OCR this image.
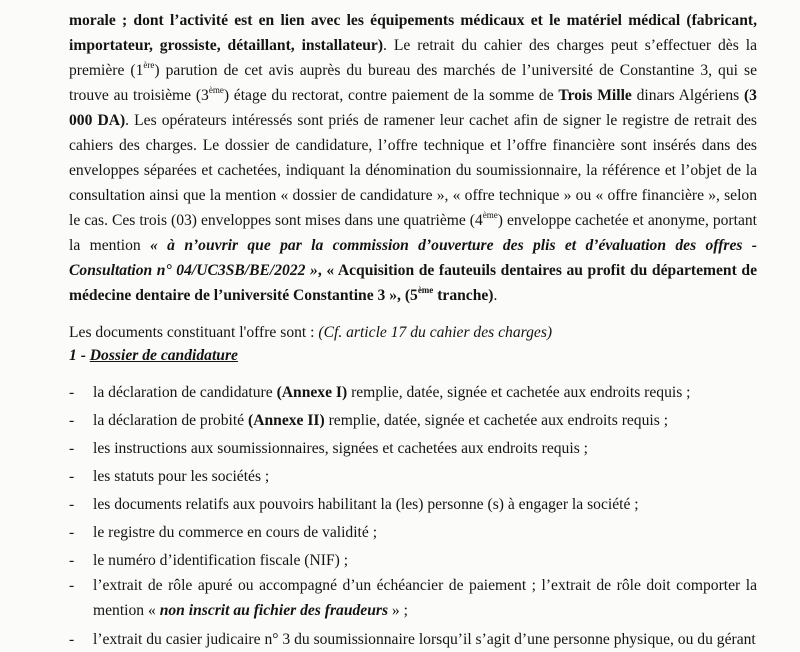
morale ; dont l’activité est en lien avec les équipements médicaux et le matériel médical (fabricant, importateur, grossiste, détaillant, installateur). Le retrait du cahier des charges peut s’effectuer dès la première (1ère) parution de cet avis auprès du bureau des marchés de l’université de Constantine 3, qui se trouve au troisième (3ème) étage du rectorat, contre paiement de la somme de Trois Mille dinars Algériens (3 000 DA). Les opérateurs intéressés sont priés de ramener leur cachet afin de signer le registre de retrait des cahiers des charges. Le dossier de candidature, l’offre technique et l’offre financière sont insérés dans des enveloppes séparées et cachetées, indiquant la dénomination du soumissionnaire, la référence et l’objet de la consultation ainsi que la mention « dossier de candidature », « offre technique » ou « offre financière », selon le cas. Ces trois (03) enveloppes sont mises dans une quatrième (4ème) enveloppe cachetée et anonyme, portant la mention « à n’ouvrir que par la commission d’ouverture des plis et d’évaluation des offres - Consultation n° 04/UC3SB/BE/2022 », « Acquisition de fauteuils dentaires au profit du département de médecine dentaire de l’université Constantine 3 », (5ème tranche).

Les documents constituant l'offre sont : (Cf. article 17 du cahier des charges)

1 - Dossier de candidature

- la déclaration de candidature (Annexe I) remplie, datée, signée et cachetée aux endroits requis ;
- la déclaration de probité (Annexe II) remplie, datée, signée et cachetée aux endroits requis ;
- les instructions aux soumissionnaires, signées et cachetées aux endroits requis ;
- les statuts pour les sociétés ;
- les documents relatifs aux pouvoirs habilitant la (les) personne (s) à engager la société ;
- le registre du commerce en cours de validité ;
- le numéro d’identification fiscale (NIF) ;
- l’extrait de rôle apuré ou accompagné d’un échéancier de paiement ; l’extrait de rôle doit comporter la mention « non inscrit au fichier des fraudeurs » ;
- l’extrait du casier judicaire n° 3 du soumissionnaire lorsqu’il s’agit d’une personne physique, ou du gérant
